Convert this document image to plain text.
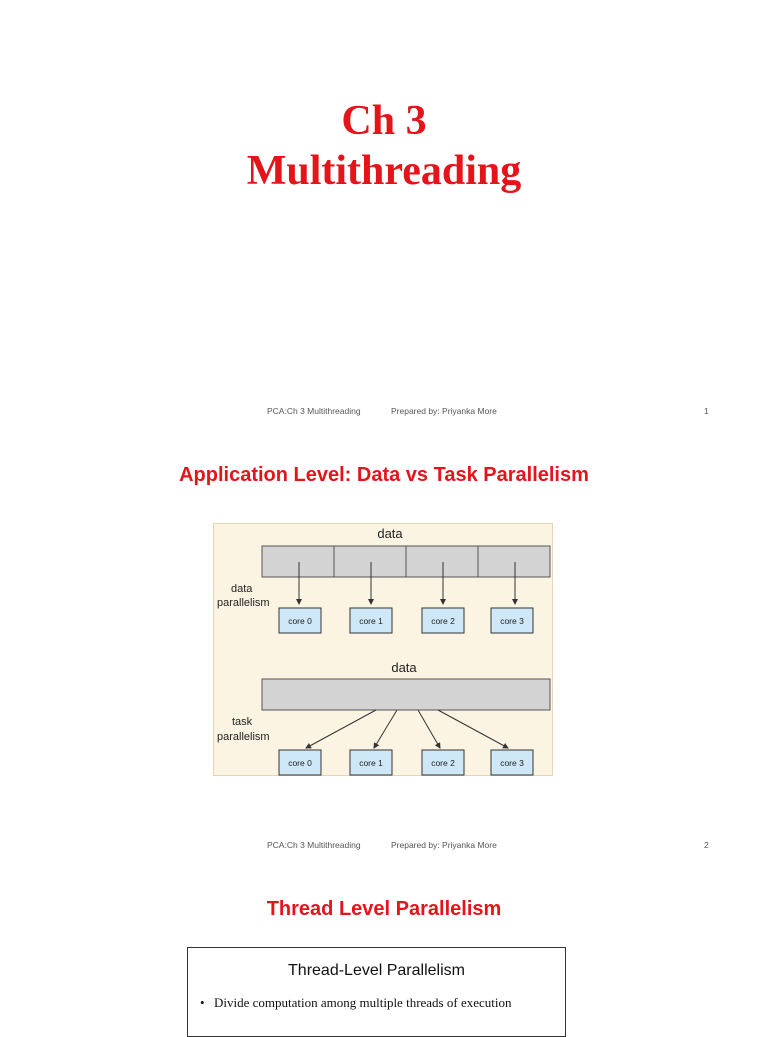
Ch 3
Multithreading
PCA:Ch 3 Multithreading	Prepared by: Priyanka More	1
Application Level: Data vs Task Parallelism
data
data
parallelism
core 0	core 1	core 2	core 3
data
task
parallelism
core 0	core 1	core 2	core 3
PCA:Ch 3 Multithreading	Prepared by: Priyanka More	2
Thread Level Parallelism
Thread-Level Parallelism
• Divide computation among multiple threads of execution
